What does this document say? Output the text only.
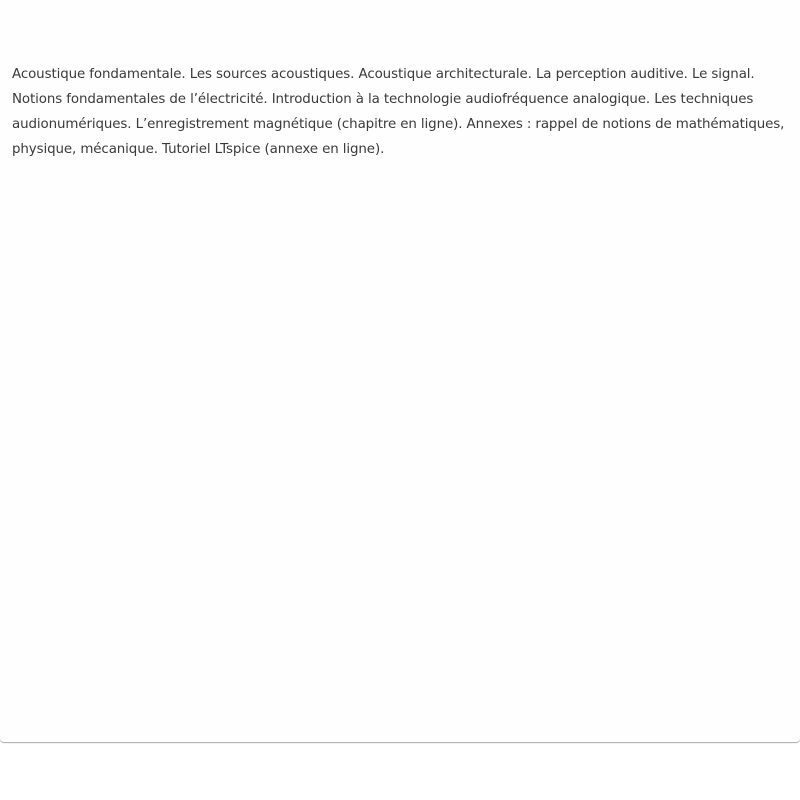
Acoustique fondamentale. Les sources acoustiques. Acoustique architecturale. La perception auditive. Le signal. Notions fondamentales de l’électricité. Introduction à la technologie audiofréquence analogique. Les techniques audionumériques. L’enregistrement magnétique (chapitre en ligne). Annexes : rappel de notions de mathématiques, physique, mécanique. Tutoriel LTspice (annexe en ligne).
